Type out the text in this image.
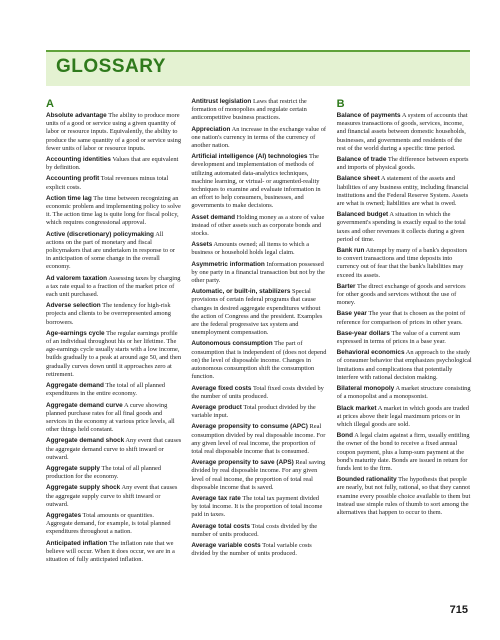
GLOSSARY
A

Absolute advantage The ability to produce more units of a good or service using a given quantity of labor or resource inputs. Equivalently, the ability to produce the same quantity of a good or service using fewer units of labor or resource inputs.

Accounting identities Values that are equivalent by definition.

Accounting profit Total revenues minus total explicit costs.

Action time lag The time between recognizing an economic problem and implementing policy to solve it. The action time lag is quite long for fiscal policy, which requires congressional approval.

Active (discretionary) policymaking All actions on the part of monetary and fiscal policymakers that are undertaken in response to or in anticipation of some change in the overall economy.

Ad valorem taxation Assessing taxes by charging a tax rate equal to a fraction of the market price of each unit purchased.

Adverse selection The tendency for high-risk projects and clients to be overrepresented among borrowers.

Age-earnings cycle The regular earnings profile of an individual throughout his or her lifetime. The age-earnings cycle usually starts with a low income, builds gradually to a peak at around age 50, and then gradually curves down until it approaches zero at retirement.

Aggregate demand The total of all planned expenditures in the entire economy.

Aggregate demand curve A curve showing planned purchase rates for all final goods and services in the economy at various price levels, all other things held constant.

Aggregate demand shock Any event that causes the aggregate demand curve to shift inward or outward.

Aggregate supply The total of all planned production for the economy.

Aggregate supply shock Any event that causes the aggregate supply curve to shift inward or outward.

Aggregates Total amounts or quantities. Aggregate demand, for example, is total planned expenditures throughout a nation.

Anticipated inflation The inflation rate that we believe will occur. When it does occur, we are in a situation of fully anticipated inflation.

Antitrust legislation Laws that restrict the formation of monopolies and regulate certain anticompetitive business practices.

Appreciation An increase in the exchange value of one nation's currency in terms of the currency of another nation.

Artificial intelligence (AI) technologies The development and implementation of methods of utilizing automated data-analytics techniques, machine learning, or virtual- or augmented-reality techniques to examine and evaluate information in an effort to help consumers, businesses, and governments to make decisions.

Asset demand Holding money as a store of value instead of other assets such as corporate bonds and stocks.

Assets Amounts owned; all items to which a business or household holds legal claim.

Asymmetric information Information possessed by one party in a financial transaction but not by the other party.

Automatic, or built-in, stabilizers Special provisions of certain federal programs that cause changes in desired aggregate expenditures without the action of Congress and the president. Examples are the federal progressive tax system and unemployment compensation.

Autonomous consumption The part of consumption that is independent of (does not depend on) the level of disposable income. Changes in autonomous consumption shift the consumption function.

Average fixed costs Total fixed costs divided by the number of units produced.

Average product Total product divided by the variable input.

Average propensity to consume (APC) Real consumption divided by real disposable income. For any given level of real income, the proportion of total real disposable income that is consumed.

Average propensity to save (APS) Real saving divided by real disposable income. For any given level of real income, the proportion of total real disposable income that is saved.

Average tax rate The total tax payment divided by total income. It is the proportion of total income paid in taxes.

Average total costs Total costs divided by the number of units produced.

Average variable costs Total variable costs divided by the number of units produced.

B

Balance of payments A system of accounts that measures transactions of goods, services, income, and financial assets between domestic households, businesses, and governments and residents of the rest of the world during a specific time period.

Balance of trade The difference between exports and imports of physical goods.

Balance sheet A statement of the assets and liabilities of any business entity, including financial institutions and the Federal Reserve System. Assets are what is owned; liabilities are what is owed.

Balanced budget A situation in which the government's spending is exactly equal to the total taxes and other revenues it collects during a given period of time.

Bank run Attempt by many of a bank's depositors to convert transactions and time deposits into currency out of fear that the bank's liabilities may exceed its assets.

Barter The direct exchange of goods and services for other goods and services without the use of money.

Base year The year that is chosen as the point of reference for comparison of prices in other years.

Base-year dollars The value of a current sum expressed in terms of prices in a base year.

Behavioral economics An approach to the study of consumer behavior that emphasizes psychological limitations and complications that potentially interfere with rational decision making.

Bilateral monopoly A market structure consisting of a monopolist and a monopsonist.

Black market A market in which goods are traded at prices above their legal maximum prices or in which illegal goods are sold.

Bond A legal claim against a firm, usually entitling the owner of the bond to receive a fixed annual coupon payment, plus a lump-sum payment at the bond's maturity date. Bonds are issued in return for funds lent to the firm.

Bounded rationality The hypothesis that people are nearly, but not fully, rational, so that they cannot examine every possible choice available to them but instead use simple rules of thumb to sort among the alternatives that happen to occur to them.

715
